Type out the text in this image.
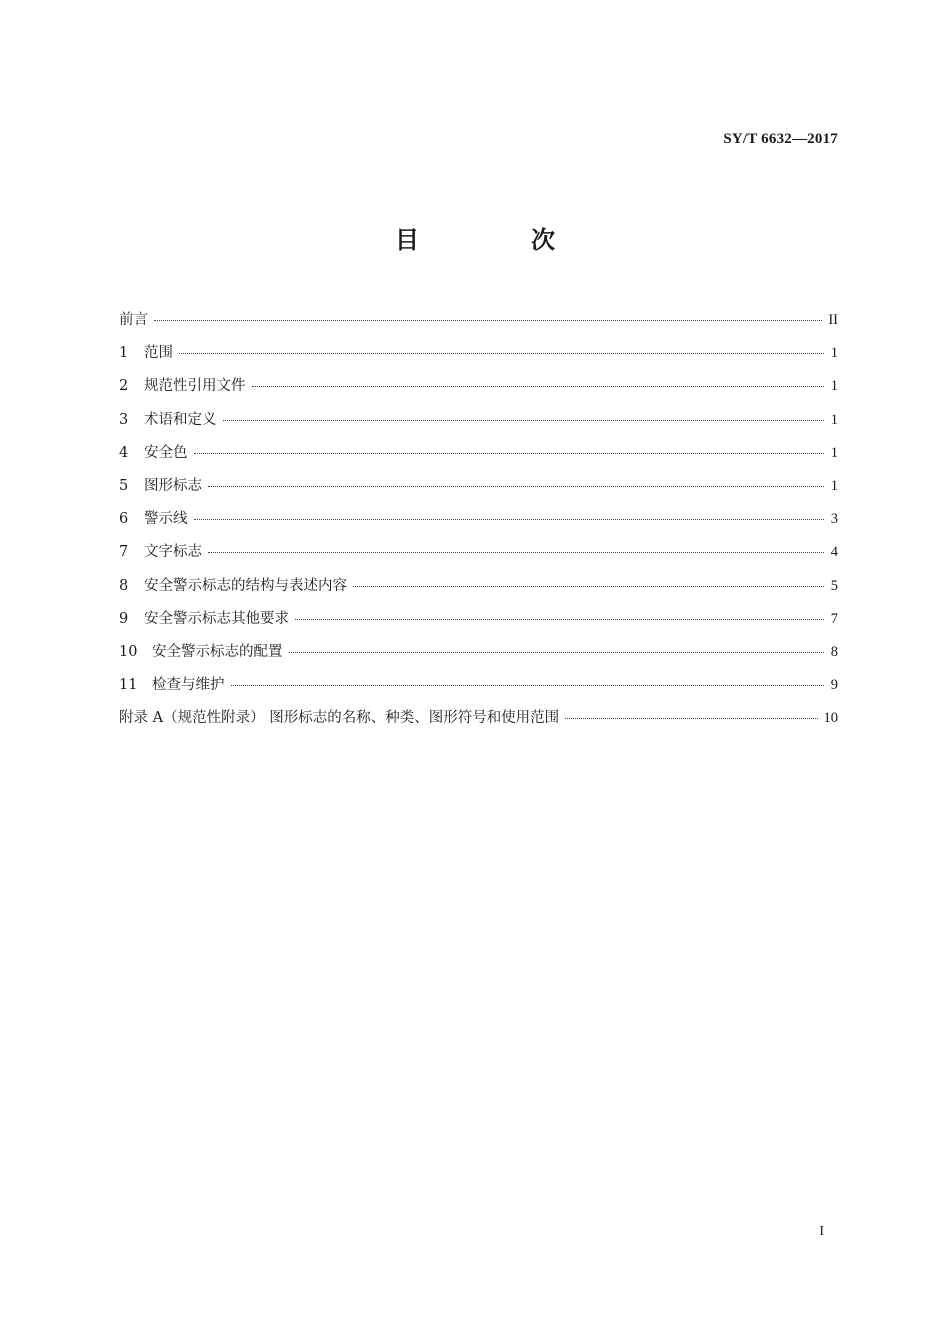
SY/T 6632—2017
目　次
前言	II
1	范围	1
2	规范性引用文件	1
3	术语和定义	1
4	安全色	1
5	图形标志	1
6	警示线	3
7	文字标志	4
8	安全警示标志的结构与表述内容	5
9	安全警示标志其他要求	7
10	安全警示标志的配置	8
11	检查与维护	9
附录 A（规范性附录） 图形标志的名称、种类、图形符号和使用范围	10
I
